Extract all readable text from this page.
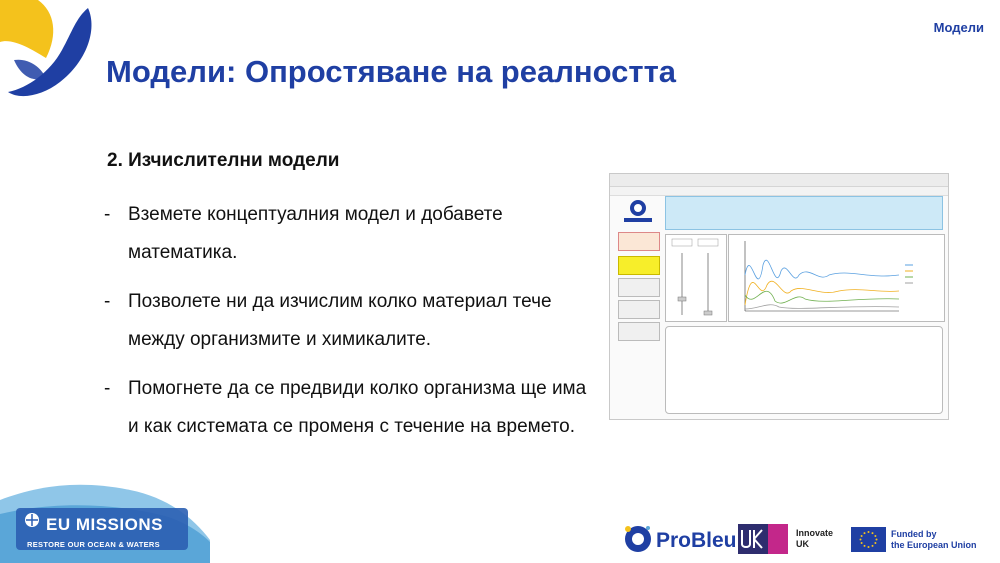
Модели
Модели: Опростяване на реалността
2. Изчислителни модели
- Вземете концептуалния модел и добавете математика.
- Позволете ни да изчислим колко материал тече между организмите и химикалите.
- Помогнете да се предвиди колко организма ще има и как системата се променя с течение на времето.
EU MISSIONS
RESTORE OUR OCEAN & WATERS	ProBleu	Innovate
UK
Funded by
the European Union
